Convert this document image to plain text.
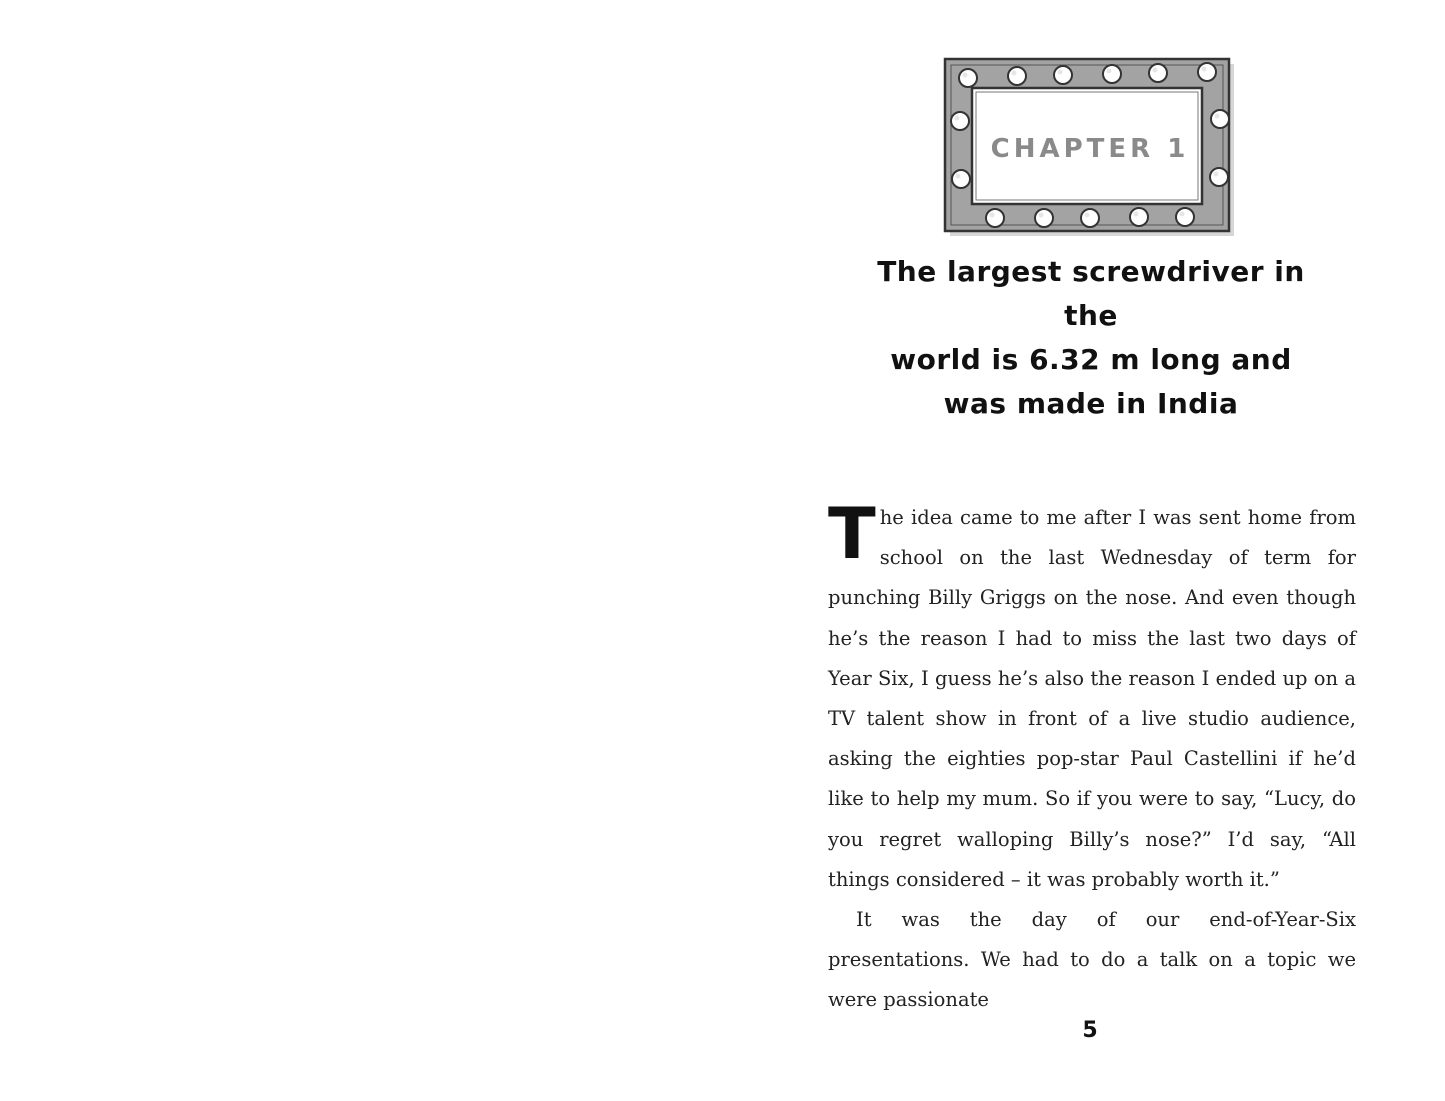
CHAPTER 1
The largest screwdriver in the
world is 6.32 m long and
was made in India

The idea came to me after I was sent home from school on the last Wednesday of term for punching Billy Griggs on the nose. And even though he’s the reason I had to miss the last two days of Year Six, I guess he’s also the reason I ended up on a TV talent show in front of a live studio audience, asking the eighties pop-star Paul Castellini if he’d like to help my mum. So if you were to say, “Lucy, do you regret walloping Billy’s nose?” I’d say, “All things considered – it was probably worth it.”

It was the day of our end-of-Year-Six presentations. We had to do a talk on a topic we were passionate

5
